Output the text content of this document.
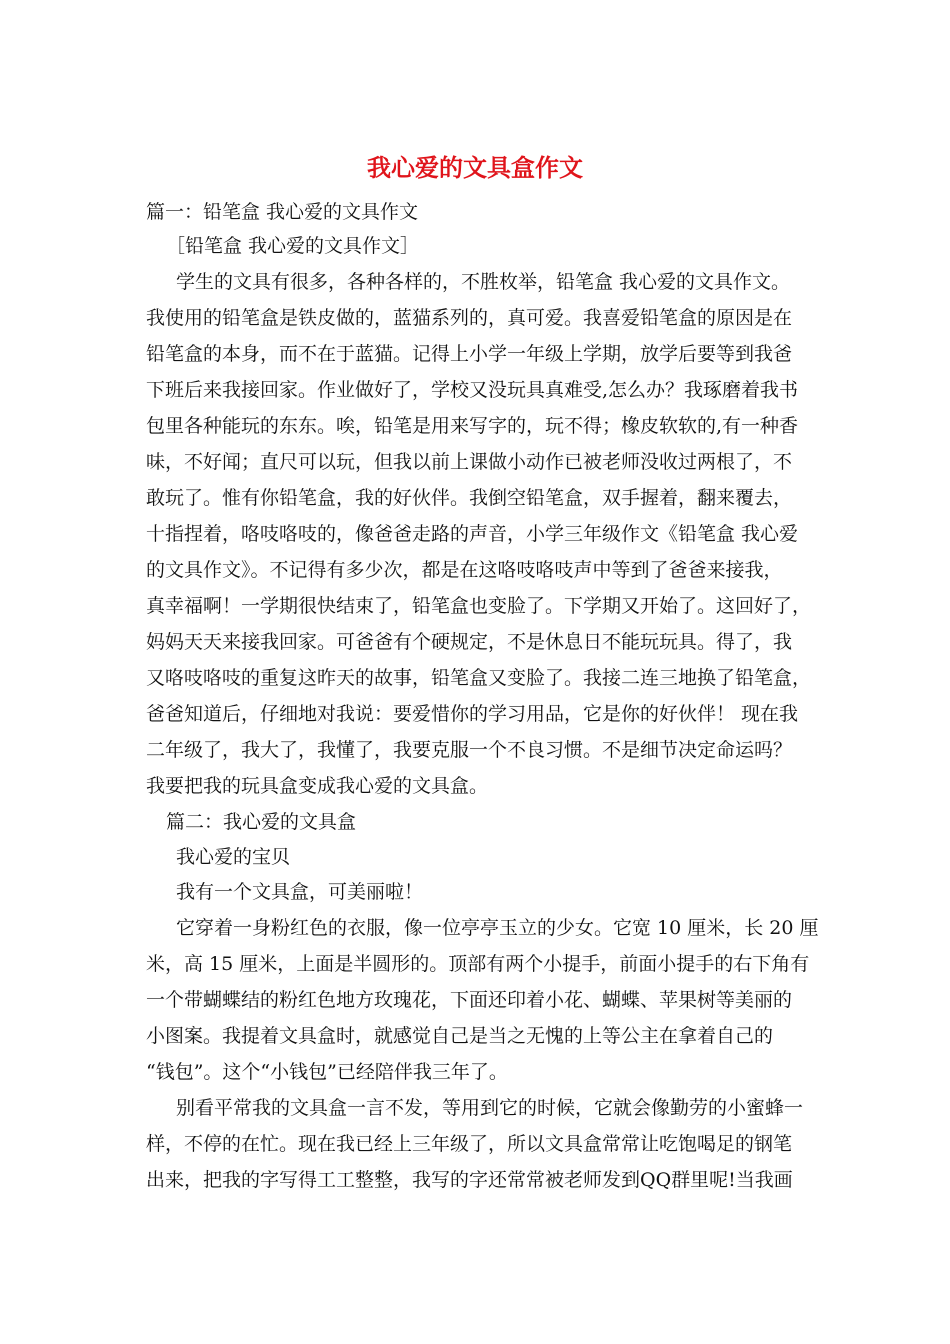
我心爱的文具盒作文
篇一：铅笔盒 我心爱的文具作文
［铅笔盒 我心爱的文具作文］
学生的文具有很多，各种各样的，不胜枚举，铅笔盒 我心爱的文具作文。
我使用的铅笔盒是铁皮做的，蓝猫系列的，真可爱。我喜爱铅笔盒的原因是在
铅笔盒的本身，而不在于蓝猫。记得上小学一年级上学期，放学后要等到我爸
下班后来我接回家。作业做好了，学校又没玩具真难受,怎么办？我琢磨着我书
包里各种能玩的东东。唉，铅笔是用来写字的，玩不得；橡皮软软的,有一种香
味，不好闻；直尺可以玩，但我以前上课做小动作已被老师没收过两根了，不
敢玩了。惟有你铅笔盒，我的好伙伴。我倒空铅笔盒，双手握着，翻来覆去，
十指捏着，咯吱咯吱的，像爸爸走路的声音，小学三年级作文《铅笔盒 我心爱
的文具作文》。不记得有多少次，都是在这咯吱咯吱声中等到了爸爸来接我，
真幸福啊！一学期很快结束了，铅笔盒也变脸了。下学期又开始了。这回好了，
妈妈天天来接我回家。可爸爸有个硬规定，不是休息日不能玩玩具。得了，我
又咯吱咯吱的重复这昨天的故事，铅笔盒又变脸了。我接二连三地换了铅笔盒，
爸爸知道后，仔细地对我说：要爱惜你的学习用品，它是你的好伙伴！ 现在我
二年级了，我大了，我懂了，我要克服一个不良习惯。不是细节决定命运吗？
我要把我的玩具盒变成我心爱的文具盒。
篇二：我心爱的文具盒
我心爱的宝贝
我有一个文具盒，可美丽啦！
它穿着一身粉红色的衣服，像一位亭亭玉立的少女。它宽 10 厘米，长 20 厘
米，高 15 厘米，上面是半圆形的。顶部有两个小提手，前面小提手的右下角有
一个带蝴蝶结的粉红色地方玫瑰花，下面还印着小花、蝴蝶、苹果树等美丽的
小图案。我提着文具盒时，就感觉自己是当之无愧的上等公主在拿着自己的
“钱包”。这个“小钱包”已经陪伴我三年了。
别看平常我的文具盒一言不发，等用到它的时候，它就会像勤劳的小蜜蜂一
样，不停的在忙。现在我已经上三年级了，所以文具盒常常让吃饱喝足的钢笔
出来，把我的字写得工工整整，我写的字还常常被老师发到QQ群里呢!当我画
